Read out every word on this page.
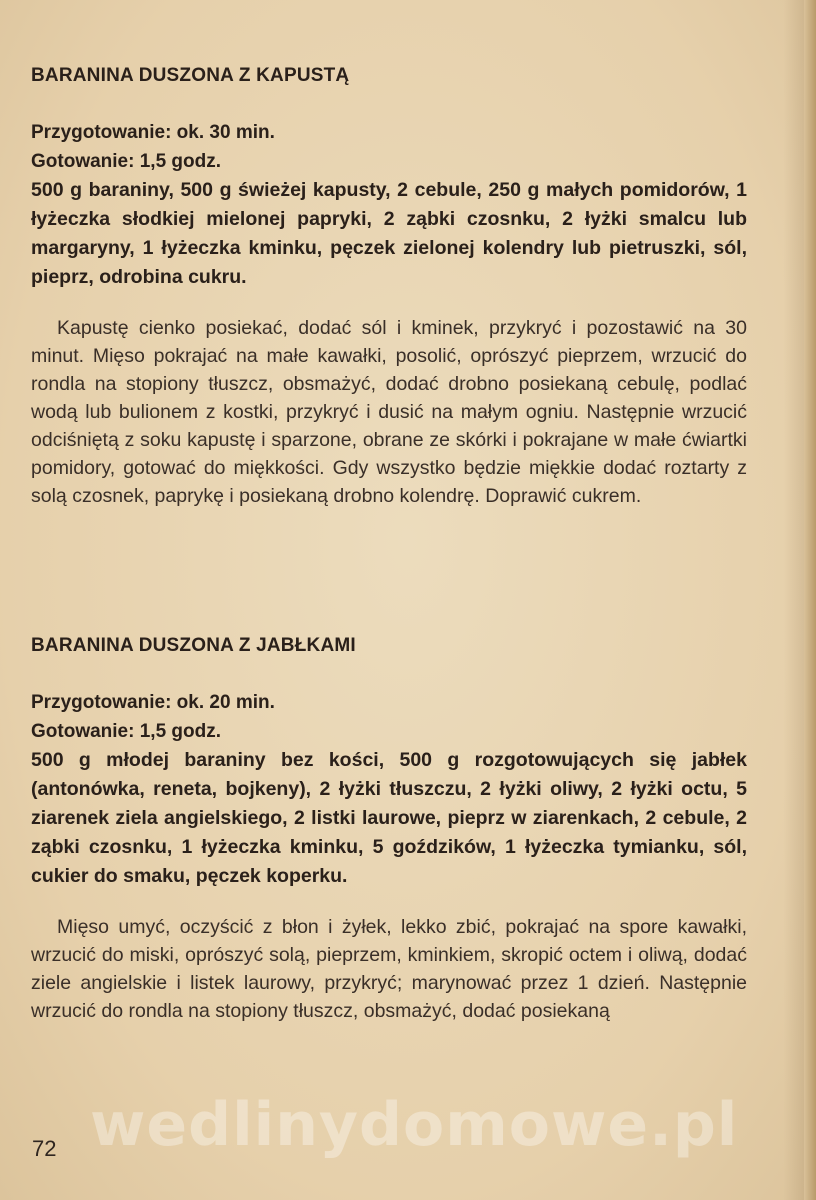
BARANINA DUSZONA Z KAPUSTĄ
Przygotowanie: ok. 30 min.
Gotowanie: 1,5 godz.

500 g baraniny, 500 g świeżej kapusty, 2 cebule, 250 g małych pomidorów, 1 łyżeczka słodkiej mielonej papryki, 2 ząbki czosnku, 2 łyżki smalcu lub margaryny, 1 łyżeczka kminku, pęczek zielonej kolendry lub pietruszki, sól, pieprz, odrobina cukru.

Kapustę cienko posiekać, dodać sól i kminek, przykryć i pozostawić na 30 minut. Mięso pokrajać na małe kawałki, posolić, oprószyć pieprzem, wrzucić do rondla na stopiony tłuszcz, obsmażyć, dodać drobno posiekaną cebulę, podlać wodą lub bulionem z kostki, przykryć i dusić na małym ogniu. Następnie wrzucić odciśniętą z soku kapustę i sparzone, obrane ze skórki i pokrajane w małe ćwiartki pomidory, gotować do miękkości. Gdy wszystko będzie miękkie dodać roztarty z solą czosnek, paprykę i posiekaną drobno kolendrę. Doprawić cukrem.

BARANINA DUSZONA Z JABŁKAMI
Przygotowanie: ok. 20 min.
Gotowanie: 1,5 godz.

500 g młodej baraniny bez kości, 500 g rozgotowujących się jabłek (antonówka, reneta, bojkeny), 2 łyżki tłuszczu, 2 łyżki oliwy, 2 łyżki octu, 5 ziarenek ziela angielskiego, 2 listki laurowe, pieprz w ziarenkach, 2 cebule, 2 ząbki czosnku, 1 łyżeczka kminku, 5 goździków, 1 łyżeczka tymianku, sól, cukier do smaku, pęczek koperku.

Mięso umyć, oczyścić z błon i żyłek, lekko zbić, pokrajać na spore kawałki, wrzucić do miski, oprószyć solą, pieprzem, kminkiem, skropić octem i oliwą, dodać ziele angielskie i listek laurowy, przykryć; marynować przez 1 dzień. Następnie wrzucić do rondla na stopiony tłuszcz, obsmażyć, dodać posiekaną

wedlinydomowe.pl
72
